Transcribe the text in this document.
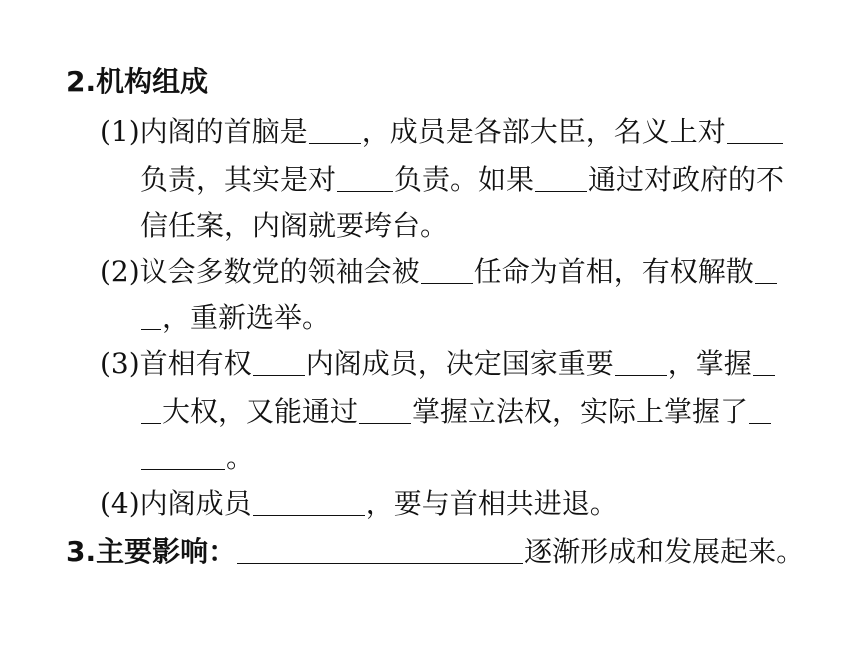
2.机构组成
(1)内阁的首脑是 ，成员是各部大臣，名义上对
负责，其实是对 负责。如果 通过对政府的不
信任案，内阁就要垮台。
(2)议会多数党的领袖会被 任命为首相，有权解散
，重新选举。
(3)首相有权 内阁成员，决定国家重要 ，掌握
大权，又能通过 掌握立法权，实际上掌握了
。
(4)内阁成员	，要与首相共进退。
3.主要影响：	逐渐形成和发展起来。
